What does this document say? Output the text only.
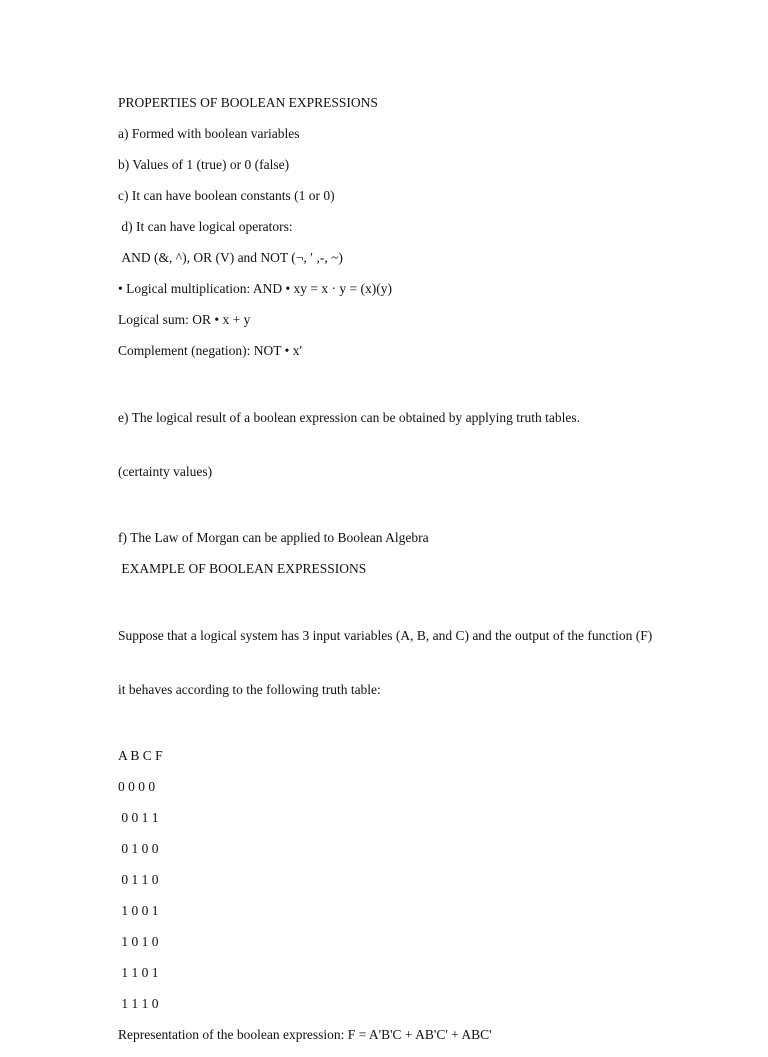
PROPERTIES OF BOOLEAN EXPRESSIONS
a) Formed with boolean variables
b) Values of 1 (true) or 0 (false)
c) It can have boolean constants (1 or 0)
d) It can have logical operators:
AND (&, ^), OR (V) and NOT (¬, ′ ,-, ~)
• Logical multiplication: AND • xy = x · y = (x)(y)
Logical sum: OR • x + y
Complement (negation): NOT • x'

e) The logical result of a boolean expression can be obtained by applying truth tables.

(certainty values)

f) The Law of Morgan can be applied to Boolean Algebra
EXAMPLE OF BOOLEAN EXPRESSIONS

Suppose that a logical system has 3 input variables (A, B, and C) and the output of the function (F)

it behaves according to the following truth table:

A B C F
0 0 0 0
0 0 1 1
0 1 0 0
0 1 1 0
1 0 0 1
1 0 1 0
1 1 0 1
1 1 1 0
Representation of the boolean expression: F = A'B'C + AB'C' + ABC'
